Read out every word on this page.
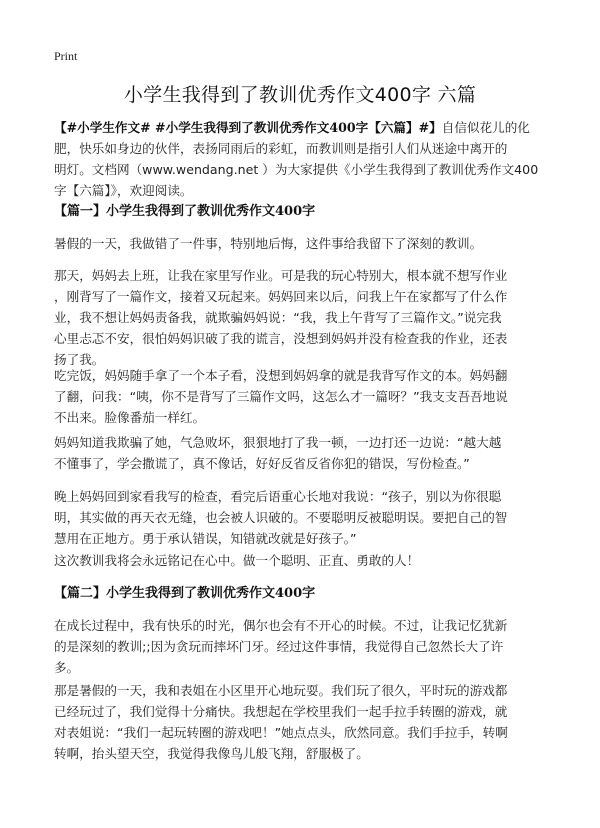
Print
小学生我得到了教训优秀作文400字 六篇
【#小学生作文# #小学生我得到了教训优秀作文400字【六篇】#】自信似花儿的化
肥，快乐如身边的伙伴，表扬同雨后的彩虹，而教训则是指引人们从迷途中离开的
明灯。文档网（www.wendang.net ）为大家提供《小学生我得到了教训优秀作文400
字【六篇】》，欢迎阅读。
【篇一】小学生我得到了教训优秀作文400字
暑假的一天，我做错了一件事，特别地后悔，这件事给我留下了深刻的教训。
那天，妈妈去上班，让我在家里写作业。可是我的玩心特别大，根本就不想写作业
，刚背写了一篇作文，接着又玩起来。妈妈回来以后，问我上午在家都写了什么作
业，我不想让妈妈责备我，就欺骗妈妈说：“我，我上午背写了三篇作文。”说完我
心里忐忑不安，很怕妈妈识破了我的谎言，没想到妈妈并没有检查我的作业，还表
扬了我。
吃完饭，妈妈随手拿了一个本子看，没想到妈妈拿的就是我背写作文的本。妈妈翻
了翻，问我：“咦，你不是背写了三篇作文吗，这怎么才一篇呀？”我支支吾吾地说
不出来。脸像番茄一样红。
妈妈知道我欺骗了她，气急败坏，狠狠地打了我一顿，一边打还一边说：“越大越
不懂事了，学会撒谎了，真不像话，好好反省反省你犯的错误，写份检查。”
晚上妈妈回到家看我写的检查，看完后语重心长地对我说：“孩子，别以为你很聪
明，其实做的再天衣无缝，也会被人识破的。不要聪明反被聪明误。要把自己的智
慧用在正地方。勇于承认错误，知错就改就是好孩子。”
这次教训我将会永远铭记在心中。做一个聪明、正直、勇敢的人！
【篇二】小学生我得到了教训优秀作文400字
在成长过程中，我有快乐的时光，偶尔也会有不开心的时候。不过，让我记忆犹新
的是深刻的教训;;因为贪玩而摔坏门牙。经过这件事情，我觉得自己忽然长大了许
多。
那是暑假的一天，我和表姐在小区里开心地玩耍。我们玩了很久，平时玩的游戏都
已经玩过了，我们觉得十分痛快。我想起在学校里我们一起手拉手转圈的游戏，就
对表姐说：“我们一起玩转圈的游戏吧！”她点点头，欣然同意。我们手拉手，转啊
转啊，抬头望天空，我觉得我像鸟儿般飞翔，舒服极了。
